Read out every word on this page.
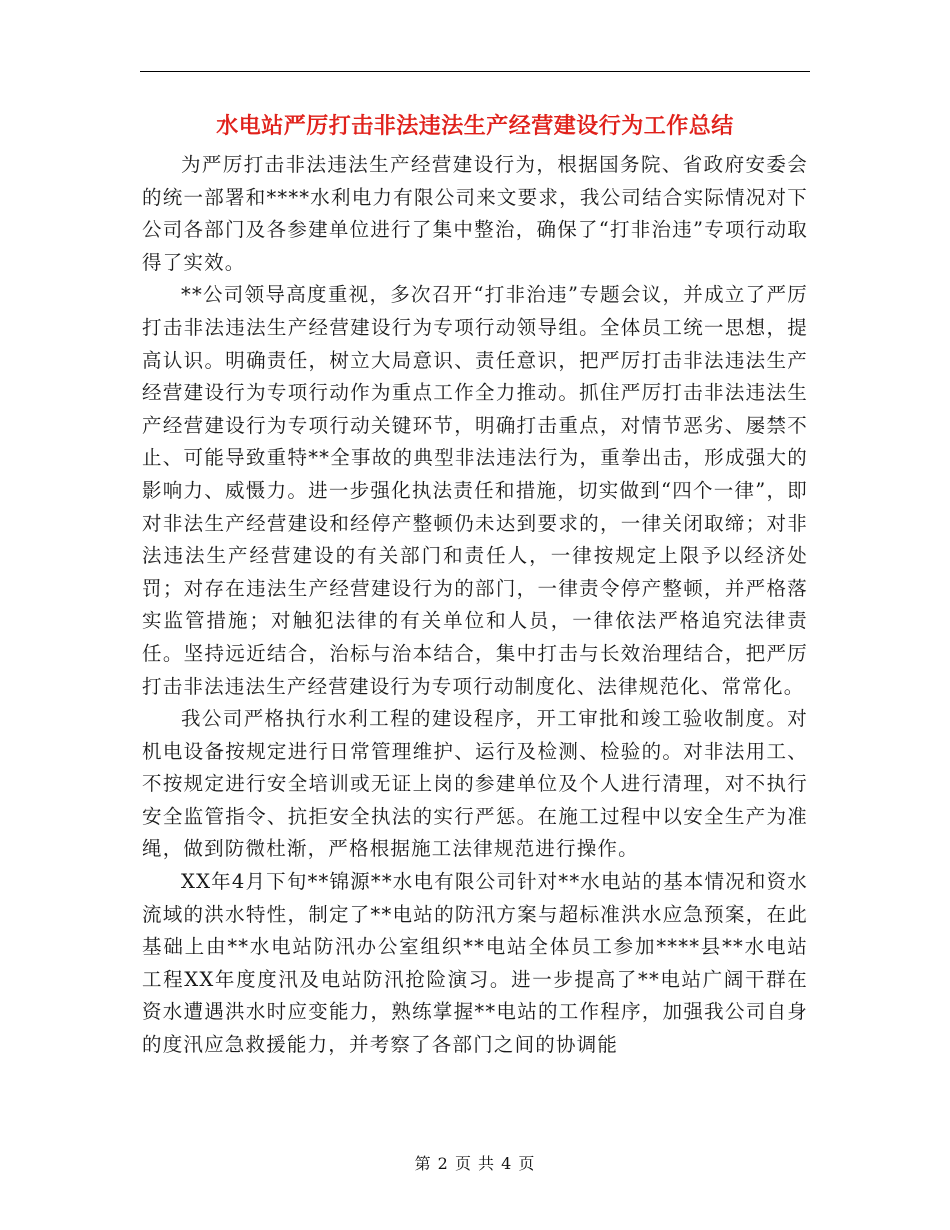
水电站严厉打击非法违法生产经营建设行为工作总结

为严厉打击非法违法生产经营建设行为，根据国务院、省政府安委会的统一部署和****水利电力有限公司来文要求，我公司结合实际情况对下公司各部门及各参建单位进行了集中整治，确保了“打非治违”专项行动取得了实效。

**公司领导高度重视，多次召开“打非治违”专题会议，并成立了严厉打击非法违法生产经营建设行为专项行动领导组。全体员工统一思想，提高认识。明确责任，树立大局意识、责任意识，把严厉打击非法违法生产经营建设行为专项行动作为重点工作全力推动。抓住严厉打击非法违法生产经营建设行为专项行动关键环节，明确打击重点，对情节恶劣、屡禁不止、可能导致重特**全事故的典型非法违法行为，重拳出击，形成强大的影响力、威慑力。进一步强化执法责任和措施，切实做到“四个一律”，即对非法生产经营建设和经停产整顿仍未达到要求的，一律关闭取缔；对非法违法生产经营建设的有关部门和责任人，一律按规定上限予以经济处罚；对存在违法生产经营建设行为的部门，一律责令停产整顿，并严格落实监管措施；对触犯法律的有关单位和人员，一律依法严格追究法律责任。坚持远近结合，治标与治本结合，集中打击与长效治理结合，把严厉打击非法违法生产经营建设行为专项行动制度化、法律规范化、常常化。

我公司严格执行水利工程的建设程序，开工审批和竣工验收制度。对机电设备按规定进行日常管理维护、运行及检测、检验的。对非法用工、不按规定进行安全培训或无证上岗的参建单位及个人进行清理，对不执行安全监管指令、抗拒安全执法的实行严惩。在施工过程中以安全生产为准绳，做到防微杜渐，严格根据施工法律规范进行操作。

XX年4月下旬**锦源**水电有限公司针对**水电站的基本情况和资水流域的洪水特性，制定了**电站的防汛方案与超标准洪水应急预案，在此基础上由**水电站防汛办公室组织**电站全体员工参加****县**水电站工程XX年度度汛及电站防汛抢险演习。进一步提高了**电站广阔干群在资水遭遇洪水时应变能力，熟练掌握**电站的工作程序，加强我公司自身的度汛应急救援能力，并考察了各部门之间的协调能

第 2 页 共 4 页
